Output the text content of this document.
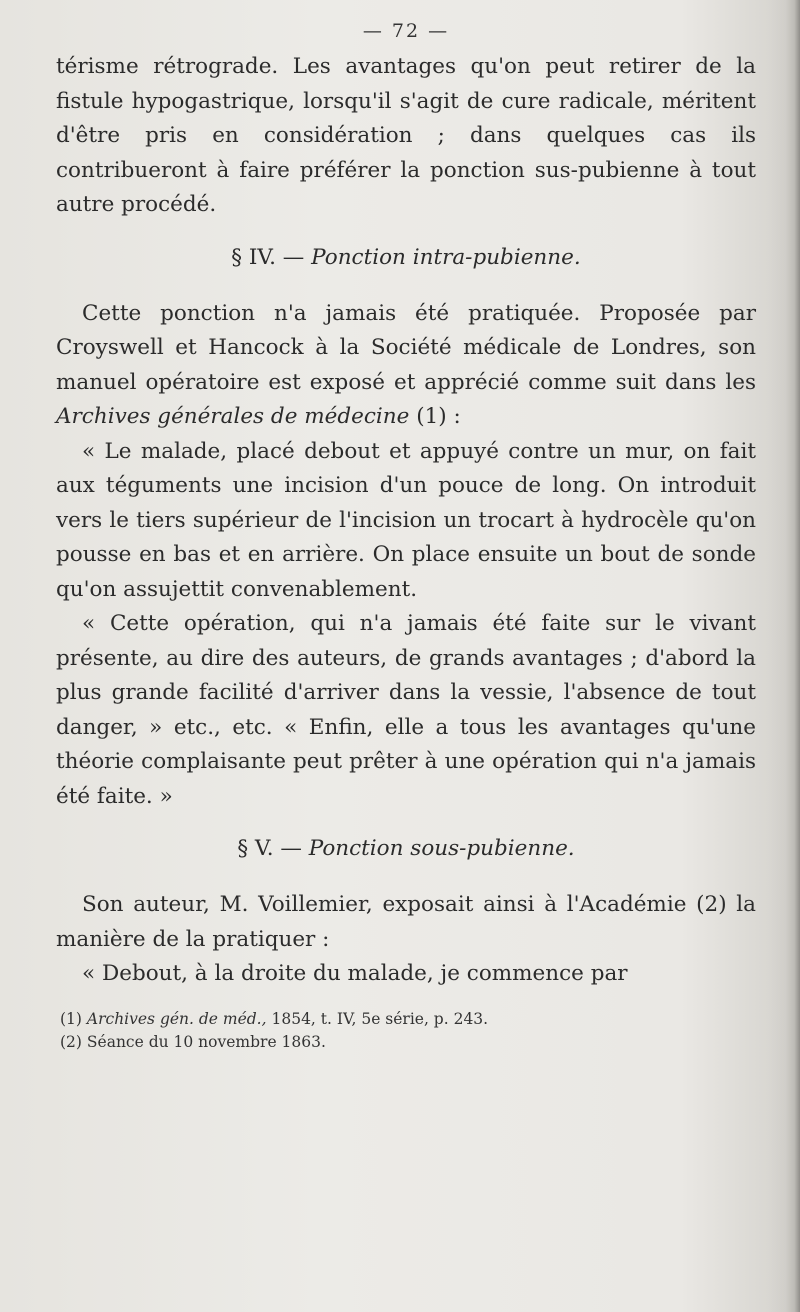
— 72 —

térisme rétrograde. Les avantages qu'on peut retirer de la fistule hypogastrique, lorsqu'il s'agit de cure radicale, méritent d'être pris en considération ; dans quelques cas ils contribueront à faire préférer la ponction sus-pubienne à tout autre procédé.

§ IV. — Ponction intra-pubienne.

Cette ponction n'a jamais été pratiquée. Proposée par Croyswell et Hancock à la Société médicale de Londres, son manuel opératoire est exposé et apprécié comme suit dans les Archives générales de médecine (1) :

« Le malade, placé debout et appuyé contre un mur, on fait aux téguments une incision d'un pouce de long. On introduit vers le tiers supérieur de l'incision un trocart à hydrocèle qu'on pousse en bas et en arrière. On place ensuite un bout de sonde qu'on assujettit convenablement.

« Cette opération, qui n'a jamais été faite sur le vivant présente, au dire des auteurs, de grands avantages ; d'abord la plus grande facilité d'arriver dans la vessie, l'absence de tout danger, » etc., etc. « Enfin, elle a tous les avantages qu'une théorie complaisante peut prêter à une opération qui n'a jamais été faite. »

§ V. — Ponction sous-pubienne.

Son auteur, M. Voillemier, exposait ainsi à l'Académie (2) la manière de la pratiquer :

« Debout, à la droite du malade, je commence par

(1) Archives gén. de méd., 1854, t. IV, 5e série, p. 243.

(2) Séance du 10 novembre 1863.
